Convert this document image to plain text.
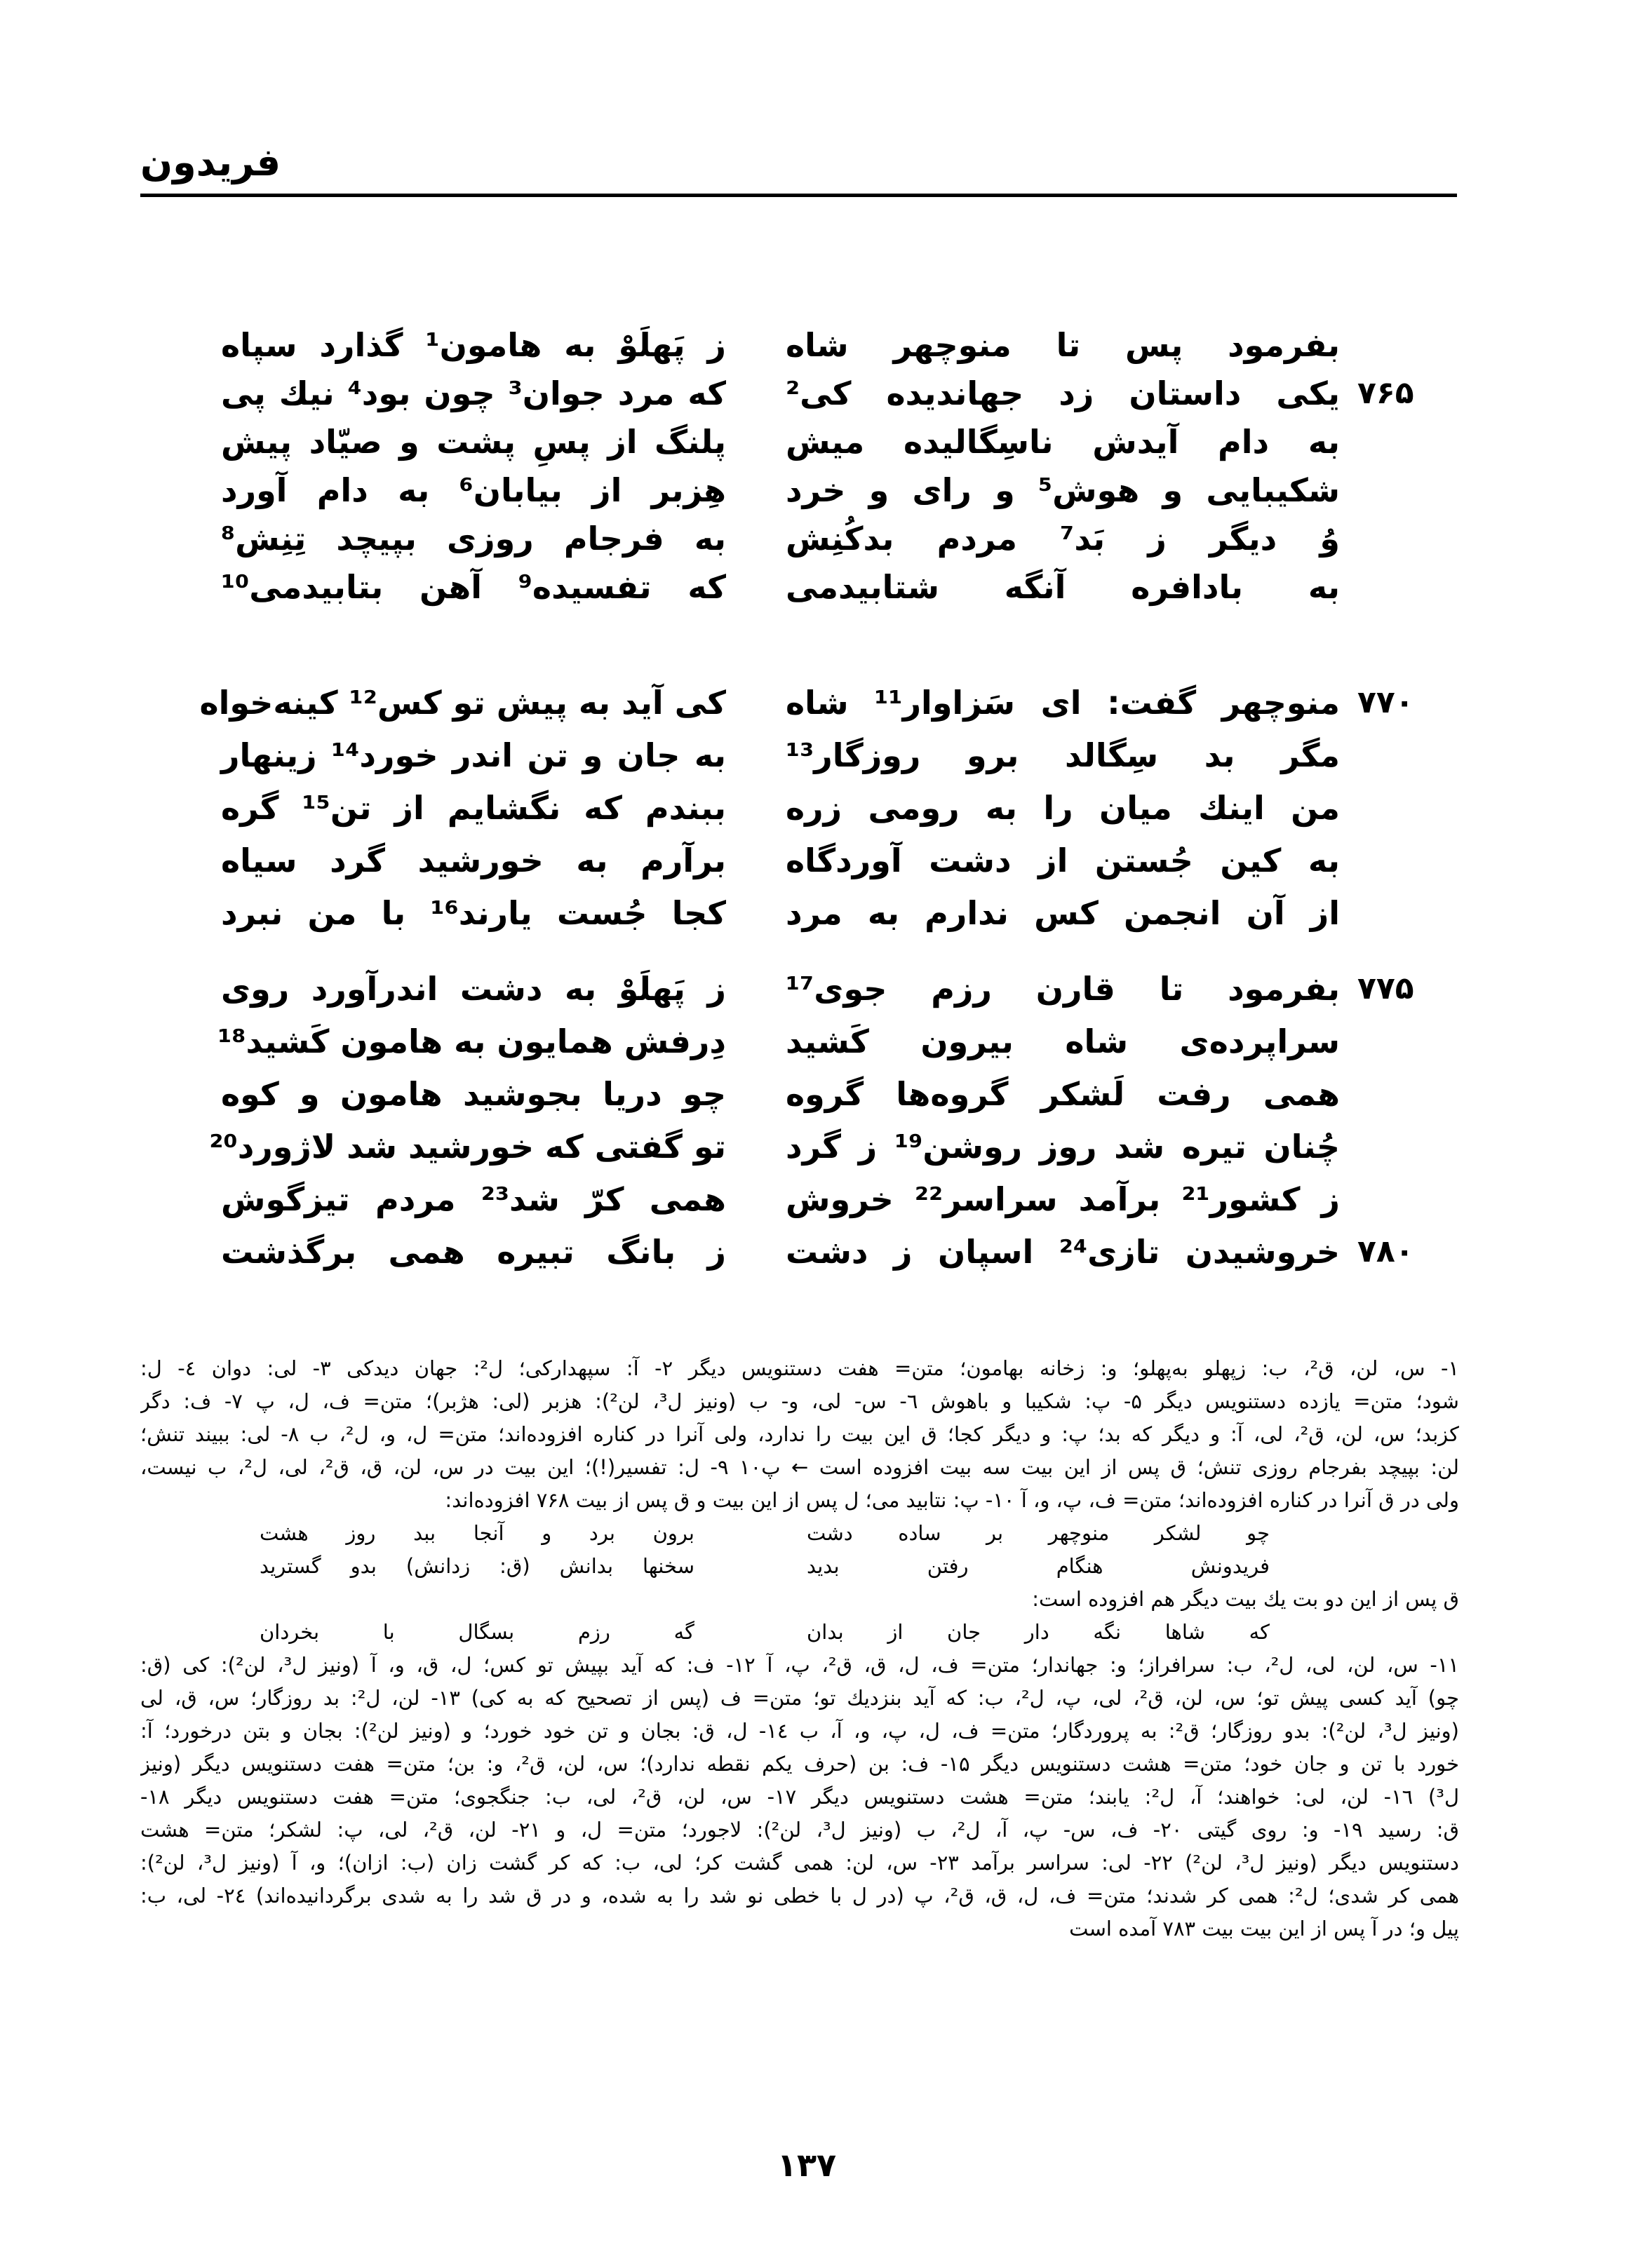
فریدون
بفرمود پس تا منوچهر شاه
ز پَهلَوْ به هامون¹ گذارد سپاه
۷۶۵
یکی داستان زد جهاندیده کی²
که مرد جوان³ چون بود⁴ نیك پی
به دام آیدش ناسِگالیده میش
پلنگ از پسِ پشت و صیّاد پیش
شکیبایی و هوش⁵ و رای و خرد
هِزبر از بیابان⁶ به دام آورد
وُ دیگر ز بَد⁷ مردم بدکُنِش
به فرجام روزی بپیچد تِنِش⁸
به بادافره آنگه شتابیدمی
که تفسیده⁹ آهن بتابیدمی¹⁰
۷۷۰
منوچهر گفت: ای سَزاوار¹¹ شاه
کی آید به پیش تو کس¹² کینه‌خواه
مگر بد سِگالد برو روزگار¹³
به جان و تن اندر خورد¹⁴ زینهار
من اینك میان را به رومی زره
ببندم که نگشایم از تن¹⁵ گره
به کین جُستن از دشت آوردگاه
برآرم به خورشید گرد سیاه
از آن انجمن کس ندارم به مرد
کجا جُست یارند¹⁶ با من نبرد
۷۷۵
بفرمود تا قارن رزم جوی¹⁷
ز پَهلَوْ به دشت اندرآورد روی
سراپرده‌ی شاه بیرون کَشید
دِرفش همایون به هامون کَشید¹⁸
همی رفت لَشکر گروه‌ها گروه
چو دریا بجوشید هامون و کوه
چُنان تیره شد روز روشن¹⁹ ز گرد
تو گفتی که خورشید شد لاژورد²⁰
ز کشور²¹ برآمد سراسر²² خروش
همی کرّ شد²³ مردم تیزگوش
۷۸۰
خروشیدن تازی²⁴ اسپان ز دشت
ز بانگ تبیره همی برگذشت
۱- س، لن، ق²، ب: زپهلو به‌پهلو؛ و: زخانه بهامون؛ متن= هفت دستنویس دیگر ۲- آ: سپهدارکی؛ ل²: جهان دیدکی ۳- لی: دوان ٤- ل:
شود؛ متن= یازده دستنویس دیگر ۵- پ: شکیبا و باهوش ٦- س- لی، و- ب (ونیز ل³، لن²): هزبر (لی: هژبر)؛ متن= ف، ل، پ ۷- ف: دگر
کزبد؛ س، لن، ق²، لی، آ: و دیگر که بد؛ پ: و دیگر کجا؛ ق این بیت را ندارد، ولی آنرا در کناره افزوده‌اند؛ متن= ل، و، ل²، ب ۸- لی: ببیند تنش؛
لن: بپیچد بفرجام روزی تنش؛ ق پس از این بیت سه بیت افزوده است ← پ۱۰ ۹- ل: تفسیر(!)؛ این بیت در س، لن، ق، ق²، لی، ل²، ب نیست،
ولی در ق آنرا در کناره افزوده‌اند؛ متن= ف، پ، و، آ ۱۰- پ: نتابید می؛ ل پس از این بیت و ق پس از بیت ۷۶۸ افزوده‌اند:
چو لشکر منوچهر بر ساده دشت
برون برد و آنجا ببد روز هشت
فریدونش هنگام رفتن بدید
سخنها بدانش (ق: زدانش) بدو گسترید
ق پس از این دو بت یك بیت دیگر هم افزوده است:
که شاها نگه دار جان از بدان
گه رزم بسگال با بخردان
۱۱- س، لن، لی، ل²، ب: سرافراز؛ و: جهاندار؛ متن= ف، ل، ق، ق²، پ، آ ۱۲- ف: که آید بپیش تو کس؛ ل، ق، و، آ (ونیز ل³، لن²): کی (ق:
چو) آید کسی پیش تو؛ س، لن، ق²، لی، پ، ل²، ب: که آید بنزدیك تو؛ متن= ف (پس از تصحیح که به کی) ۱۳- لن، ل²: بد روزگار؛ س، ق، لی
(ونیز ل³، لن²): بدو روزگار؛ ق²: به پروردگار؛ متن= ف، ل، پ، و، آ، ب ١٤- ل، ق: بجان و تن خود خورد؛ و (ونیز لن²): بجان و بتن درخورد؛ آ:
خورد با تن و جان خود؛ متن= هشت دستنویس دیگر ۱۵- ف: بن (حرف یکم نقطه ندارد)؛ س، لن، ق²، و: بن؛ متن= هفت دستنویس دیگر (ونیز
ل³) ۱٦- لن، لی: خواهند؛ آ، ل²: یابند؛ متن= هشت دستنویس دیگر ۱۷- س، لن، ق²، لی، ب: جنگجوی؛ متن= هفت دستنویس دیگر ۱۸-
ق: رسید ۱۹- و: روی گیتی ۲۰- ف، س- پ، آ، ل²، ب (ونیز ل³، لن²): لاجورد؛ متن= ل، و ۲۱- لن، ق²، لی، پ: لشکر؛ متن= هشت
دستنویس دیگر (ونیز ل³، لن²) ۲۲- لی: سراسر برآمد ۲۳- س، لن: همی گشت کر؛ لی، ب: که کر گشت زان (ب: ازان)؛ و، آ (ونیز ل³، لن²):
همی کر شدی؛ ل²: همی کر شدند؛ متن= ف، ل، ق، ق²، پ (در ل با خطی نو شد را به شده، و در ق شد را به شدی برگردانیده‌اند) ۲٤- لی، ب:
پیل و؛ در آ پس از این بیت بیت ۷۸۳ آمده است
۱۳۷
